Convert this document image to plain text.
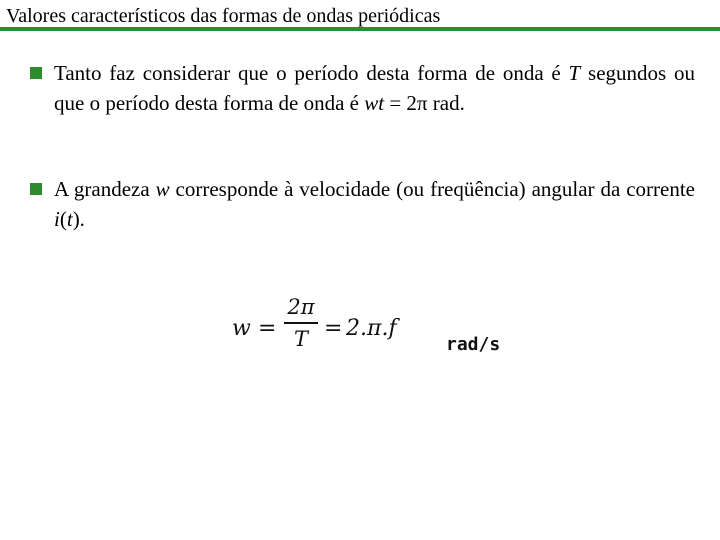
Valores característicos das formas de ondas periódicas
Tanto faz considerar que o período desta forma de onda é T segundos ou que o período desta forma de onda é wt = 2π rad.
A grandeza w corresponde à velocidade (ou freqüência) angular da corrente i(t).
w =
2π
T = 2.π.f
rad/s
